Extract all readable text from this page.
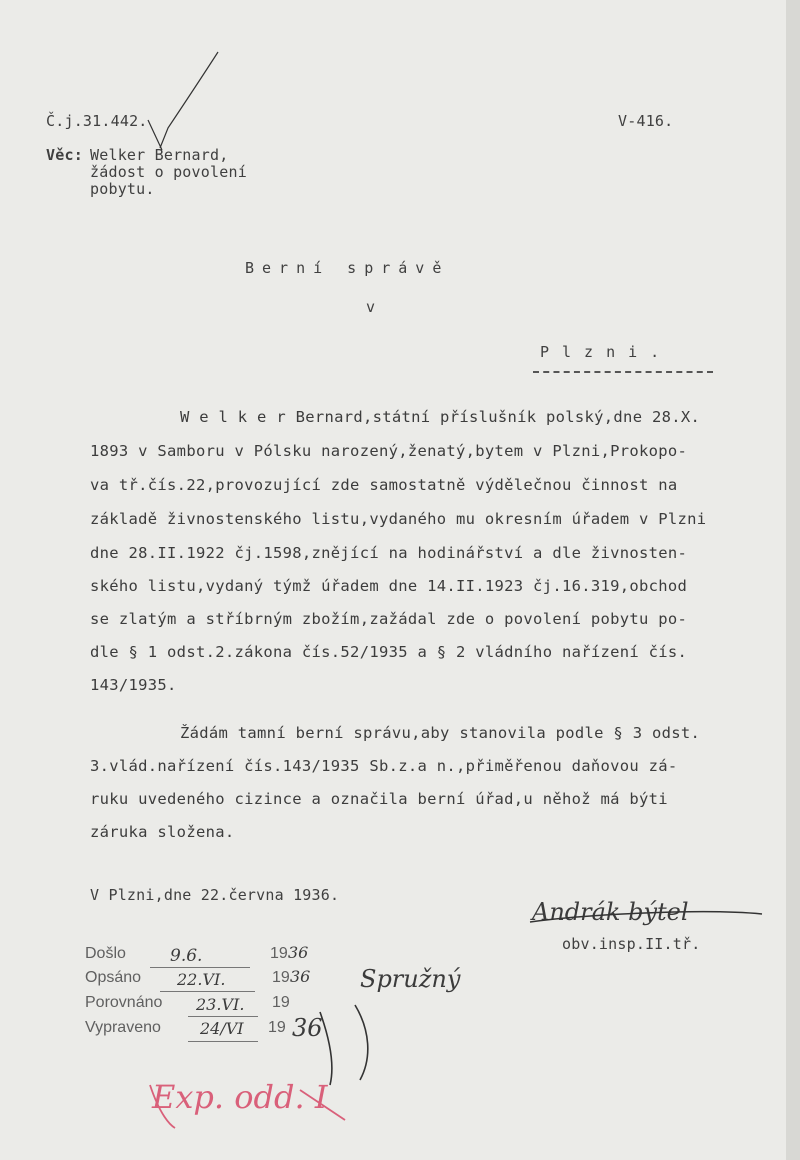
Č.j.31.442.	V-416.
Věc: Welker Bernard,
žádost o povolení
pobytu.
Berní správě
v
Plzni.
W e l k e r Bernard,státní příslušník polský,dne 28.X.
1893 v Samboru v Pólsku narozený,ženatý,bytem v Plzni,Prokopo-
va tř.čís.22,provozující zde samostatně výdělečnou činnost na
základě živnostenského listu,vydaného mu okresním úřadem v Plzni
dne 28.II.1922 čj.1598,znějící na hodinářství a dle živnosten-
ského listu,vydaný týmž úřadem dne 14.II.1923 čj.16.319,obchod
se zlatým a stříbrným zbožím,zažádal zde o povolení pobytu po-
dle § 1 odst.2.zákona čís.52/1935 a § 2 vládního nařízení čís.
143/1935.
Žádám tamní berní správu,aby stanovila podle § 3 odst.
3.vlád.nařízení čís.143/1935 Sb.z.a n.,přiměřenou daňovou zá-
ruku uvedeného cizince a označila berní úřad,u něhož má býti
záruka složena.
V Plzni,dne 22.června 1936.
Andrák býtel
obv.insp.II.tř.
Došlo	9.6.	19 36
Opsáno 22.VI.	19 36
Porovnáno 23.VI. 19
Vypraveno 24/VI 19 36
Spružný
Exp. odd. I
